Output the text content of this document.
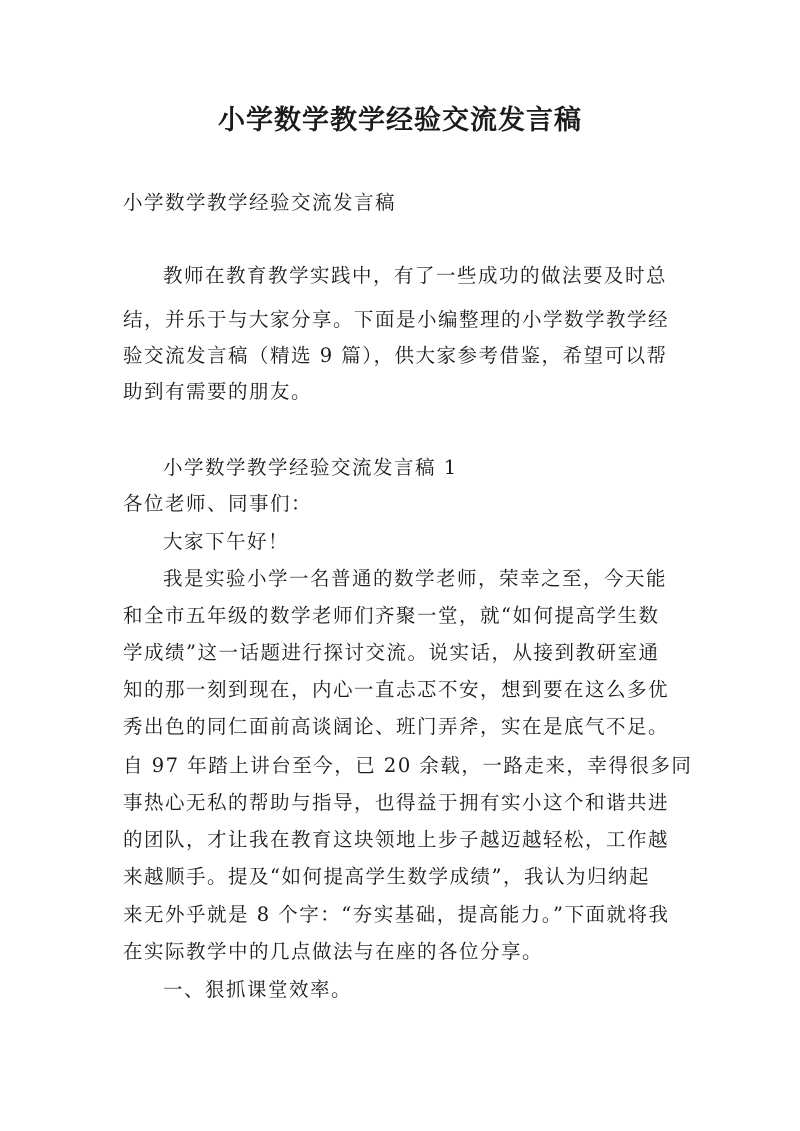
小学数学教学经验交流发言稿
小学数学教学经验交流发言稿
教师在教育教学实践中，有了一些成功的做法要及时总
结，并乐于与大家分享。下面是小编整理的小学数学教学经
验交流发言稿（精选 9 篇），供大家参考借鉴，希望可以帮
助到有需要的朋友。
小学数学教学经验交流发言稿 1
各位老师、同事们：
大家下午好！
我是实验小学一名普通的数学老师，荣幸之至，今天能
和全市五年级的数学老师们齐聚一堂，就“如何提高学生数
学成绩”这一话题进行探讨交流。说实话，从接到教研室通
知的那一刻到现在，内心一直忐忑不安，想到要在这么多优
秀出色的同仁面前高谈阔论、班门弄斧，实在是底气不足。
自 97 年踏上讲台至今，已 20 余载，一路走来，幸得很多同
事热心无私的帮助与指导，也得益于拥有实小这个和谐共进
的团队，才让我在教育这块领地上步子越迈越轻松，工作越
来越顺手。提及“如何提高学生数学成绩”，我认为归纳起
来无外乎就是 8 个字：“夯实基础，提高能力。”下面就将我
在实际教学中的几点做法与在座的各位分享。
一、狠抓课堂效率。
